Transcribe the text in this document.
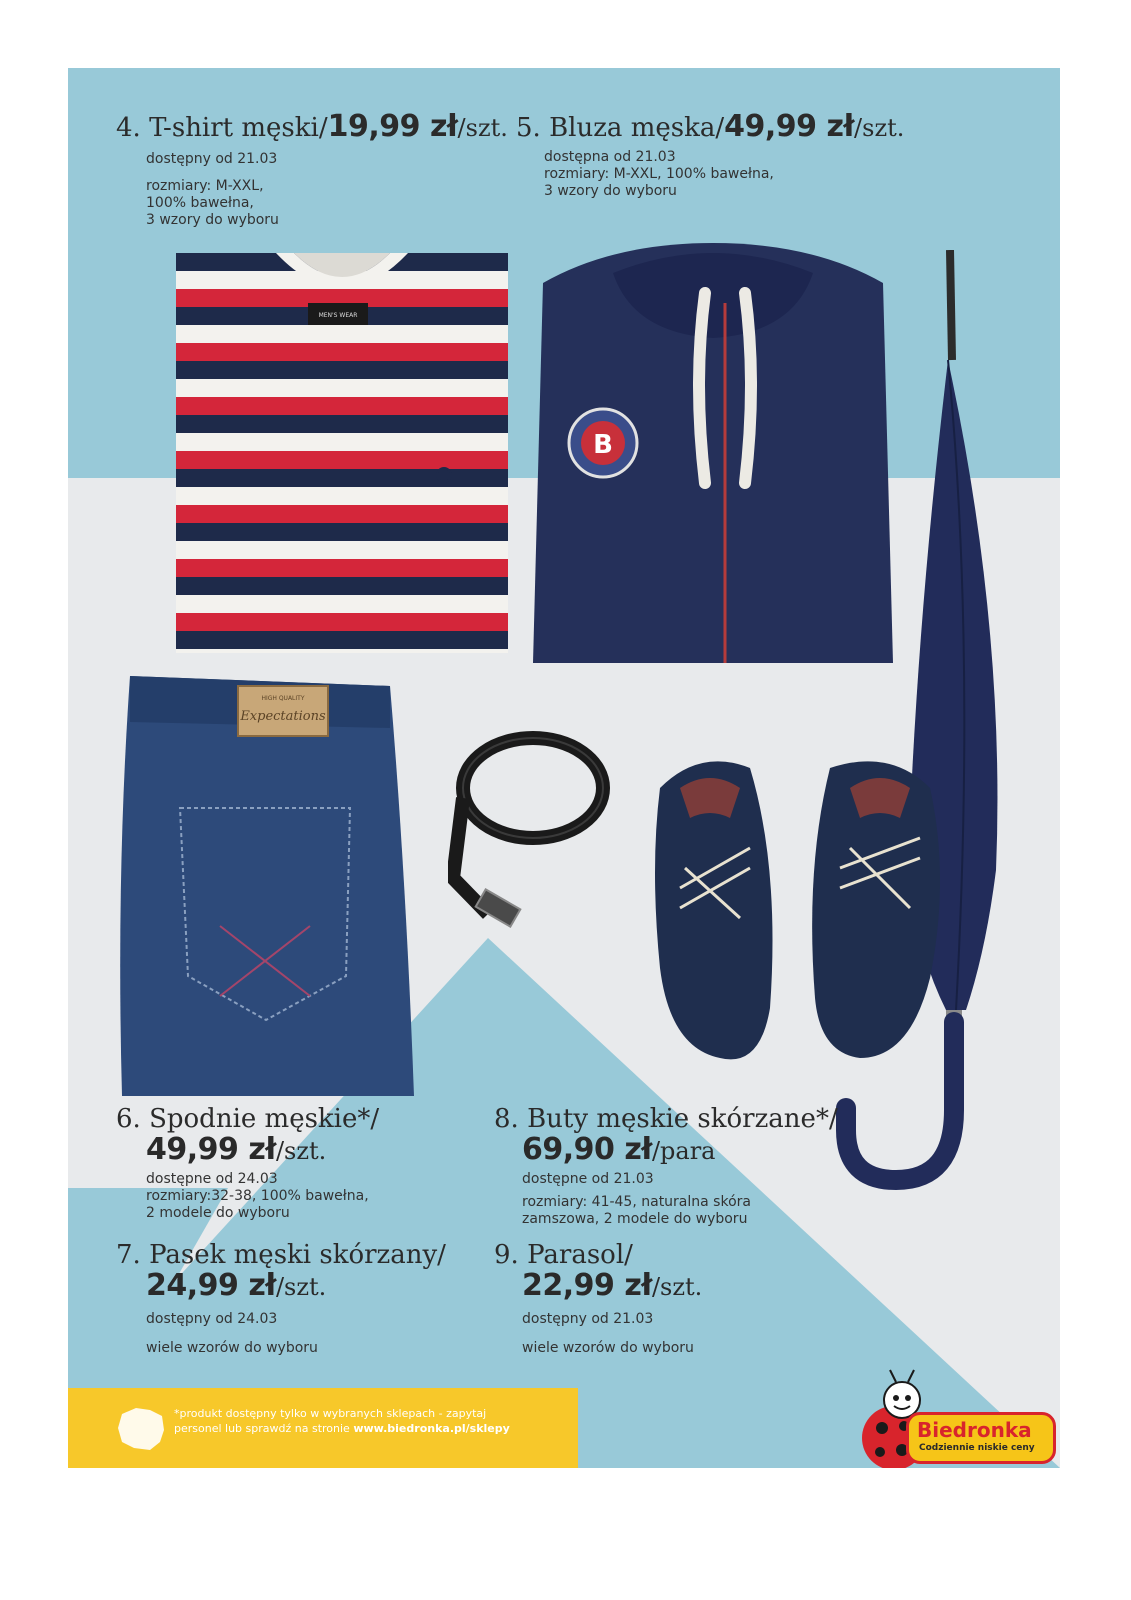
4. T-shirt męski/19,99 zł/szt.
dostępny od 21.03
rozmiary: M-XXL,
100% bawełna,
3 wzory do wyboru
5. Bluza męska/49,99 zł/szt.
dostępna od 21.03
rozmiary: M-XXL, 100% bawełna,
3 wzory do wyboru
MEN'S WEAR
B
HIGH QUALITY
Expectations
6. Spodnie męskie*/
49,99 zł/szt.
dostępne od 24.03
rozmiary:32-38, 100% bawełna,
2 modele do wyboru
7. Pasek męski skórzany/
24,99 zł/szt.
dostępny od 24.03
wiele wzorów do wyboru
8. Buty męskie skórzane*/
69,90 zł/para
dostępne od 21.03
rozmiary: 41-45, naturalna skóra
zamszowa, 2 modele do wyboru
9. Parasol/
22,99 zł/szt.
dostępny od 21.03
wiele wzorów do wyboru
*produkt dostępny tylko w wybranych sklepach - zapytaj
personel lub sprawdź na stronie www.biedronka.pl/sklepy	Biedronka
Codziennie niskie ceny
